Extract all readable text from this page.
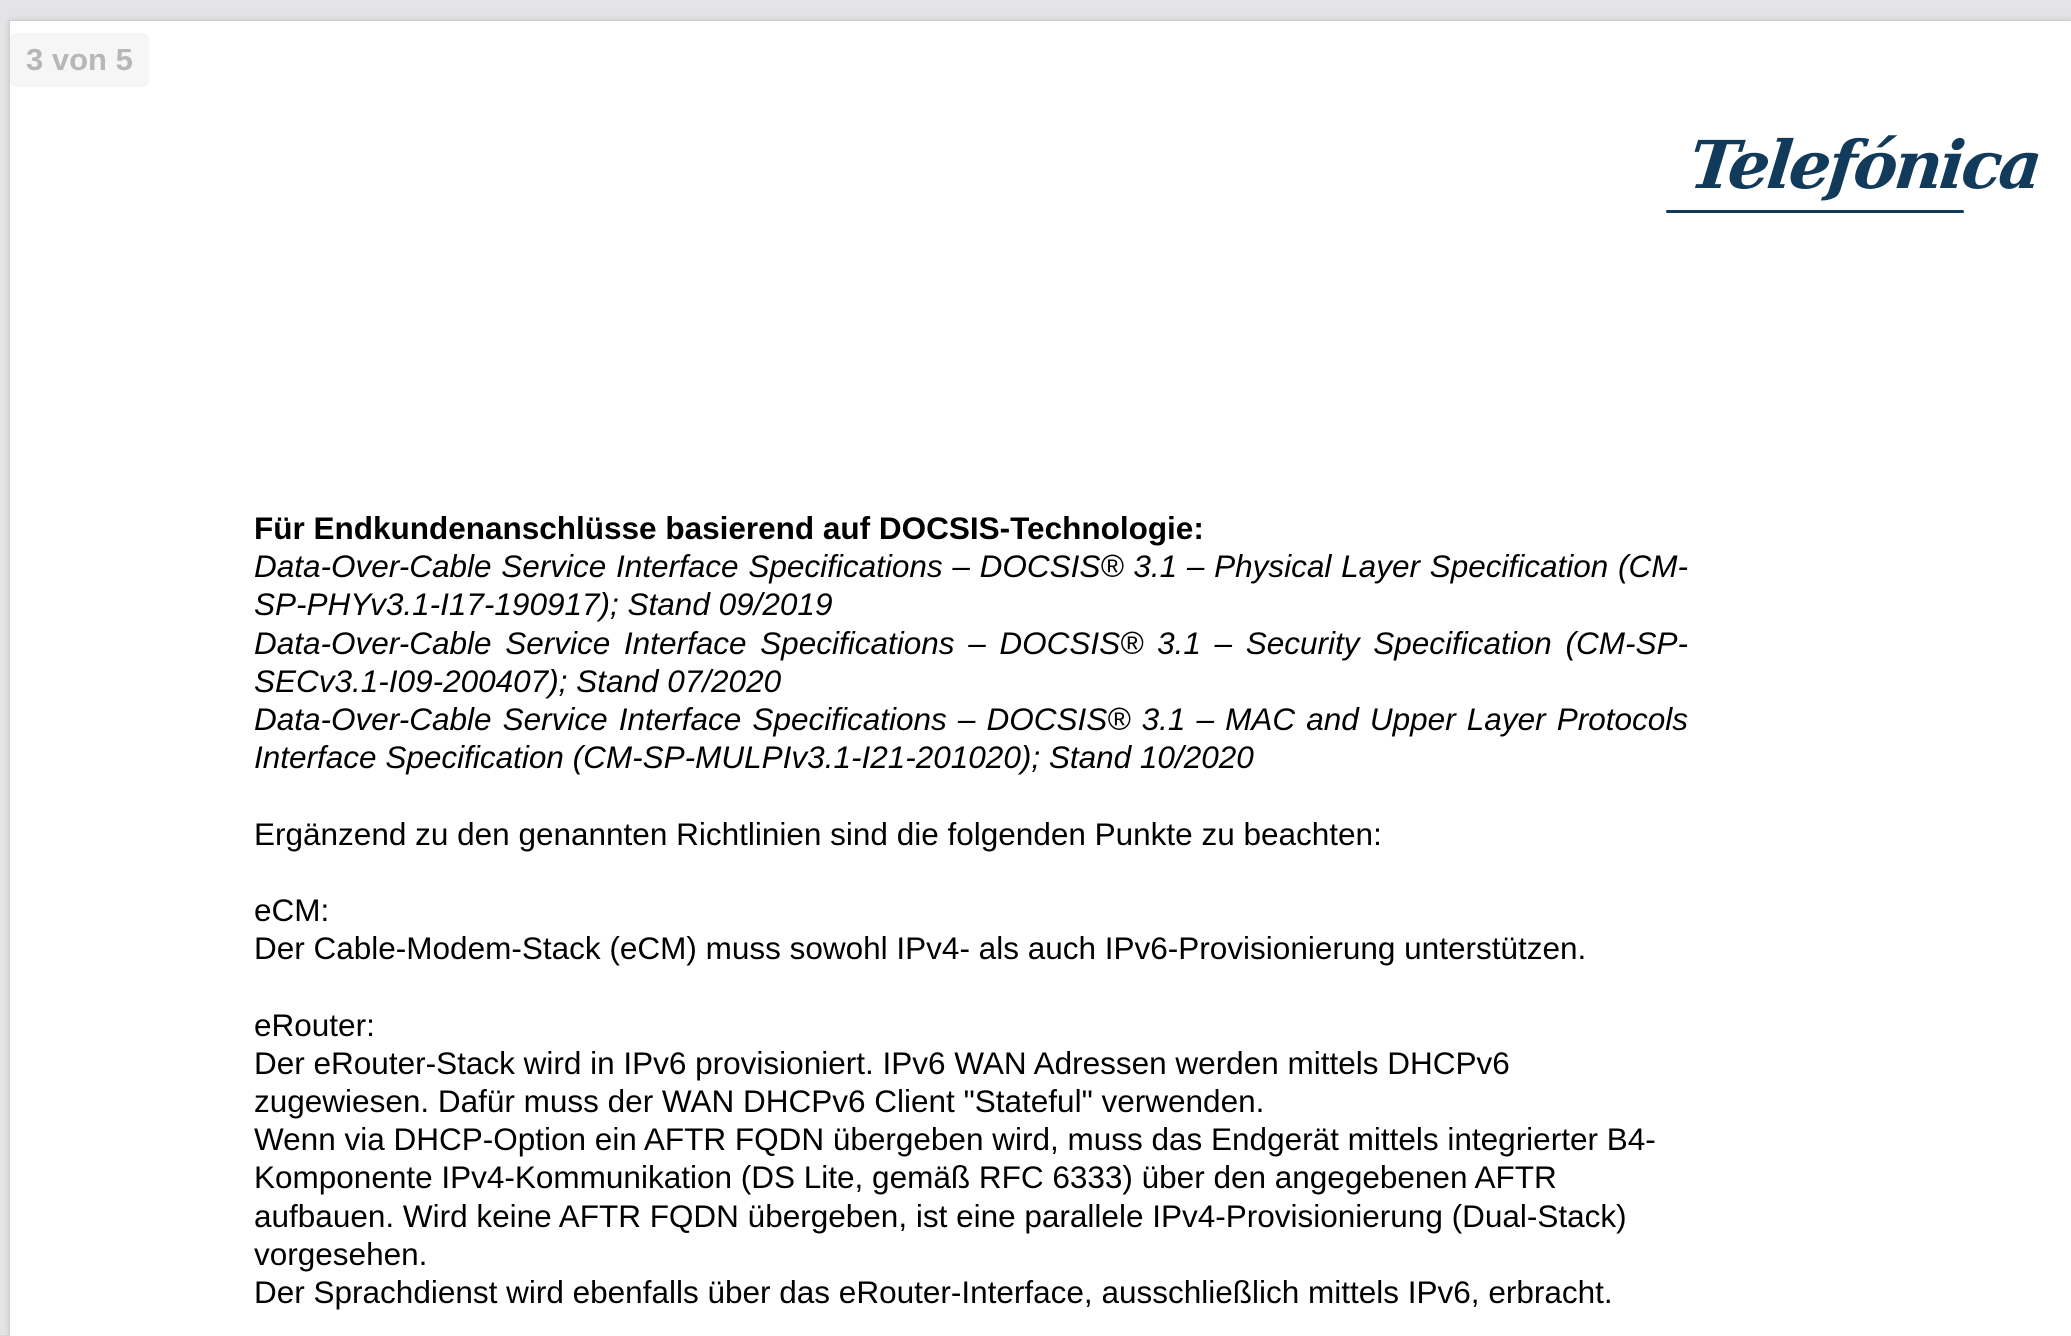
3 von 5
Telefónica

Für Endkundenanschlüsse basierend auf DOCSIS-Technologie:

Data-Over-Cable Service Interface Specifications – DOCSIS® 3.1 – Physical Layer Specification (CM-SP-PHYv3.1-I17-190917); Stand 09/2019

Data-Over-Cable Service Interface Specifications – DOCSIS® 3.1 – Security Specification (CM-SP-SECv3.1-I09-200407); Stand 07/2020

Data-Over-Cable Service Interface Specifications – DOCSIS® 3.1 – MAC and Upper Layer Protocols Interface Specification (CM-SP-MULPIv3.1-I21-201020); Stand 10/2020

Ergänzend zu den genannten Richtlinien sind die folgenden Punkte zu beachten:

eCM:

Der Cable-Modem-Stack (eCM) muss sowohl IPv4- als auch IPv6-Provisionierung unterstützen.

eRouter:

Der eRouter-Stack wird in IPv6 provisioniert. IPv6 WAN Adressen werden mittels DHCPv6 zugewiesen. Dafür muss der WAN DHCPv6 Client "Stateful" verwenden.

Wenn via DHCP-Option ein AFTR FQDN übergeben wird, muss das Endgerät mittels integrierter B4-Komponente IPv4-Kommunikation (DS Lite, gemäß RFC 6333) über den angegebenen AFTR aufbauen. Wird keine AFTR FQDN übergeben, ist eine parallele IPv4-Provisionierung (Dual-Stack) vorgesehen.

Der Sprachdienst wird ebenfalls über das eRouter-Interface, ausschließlich mittels IPv6, erbracht.
